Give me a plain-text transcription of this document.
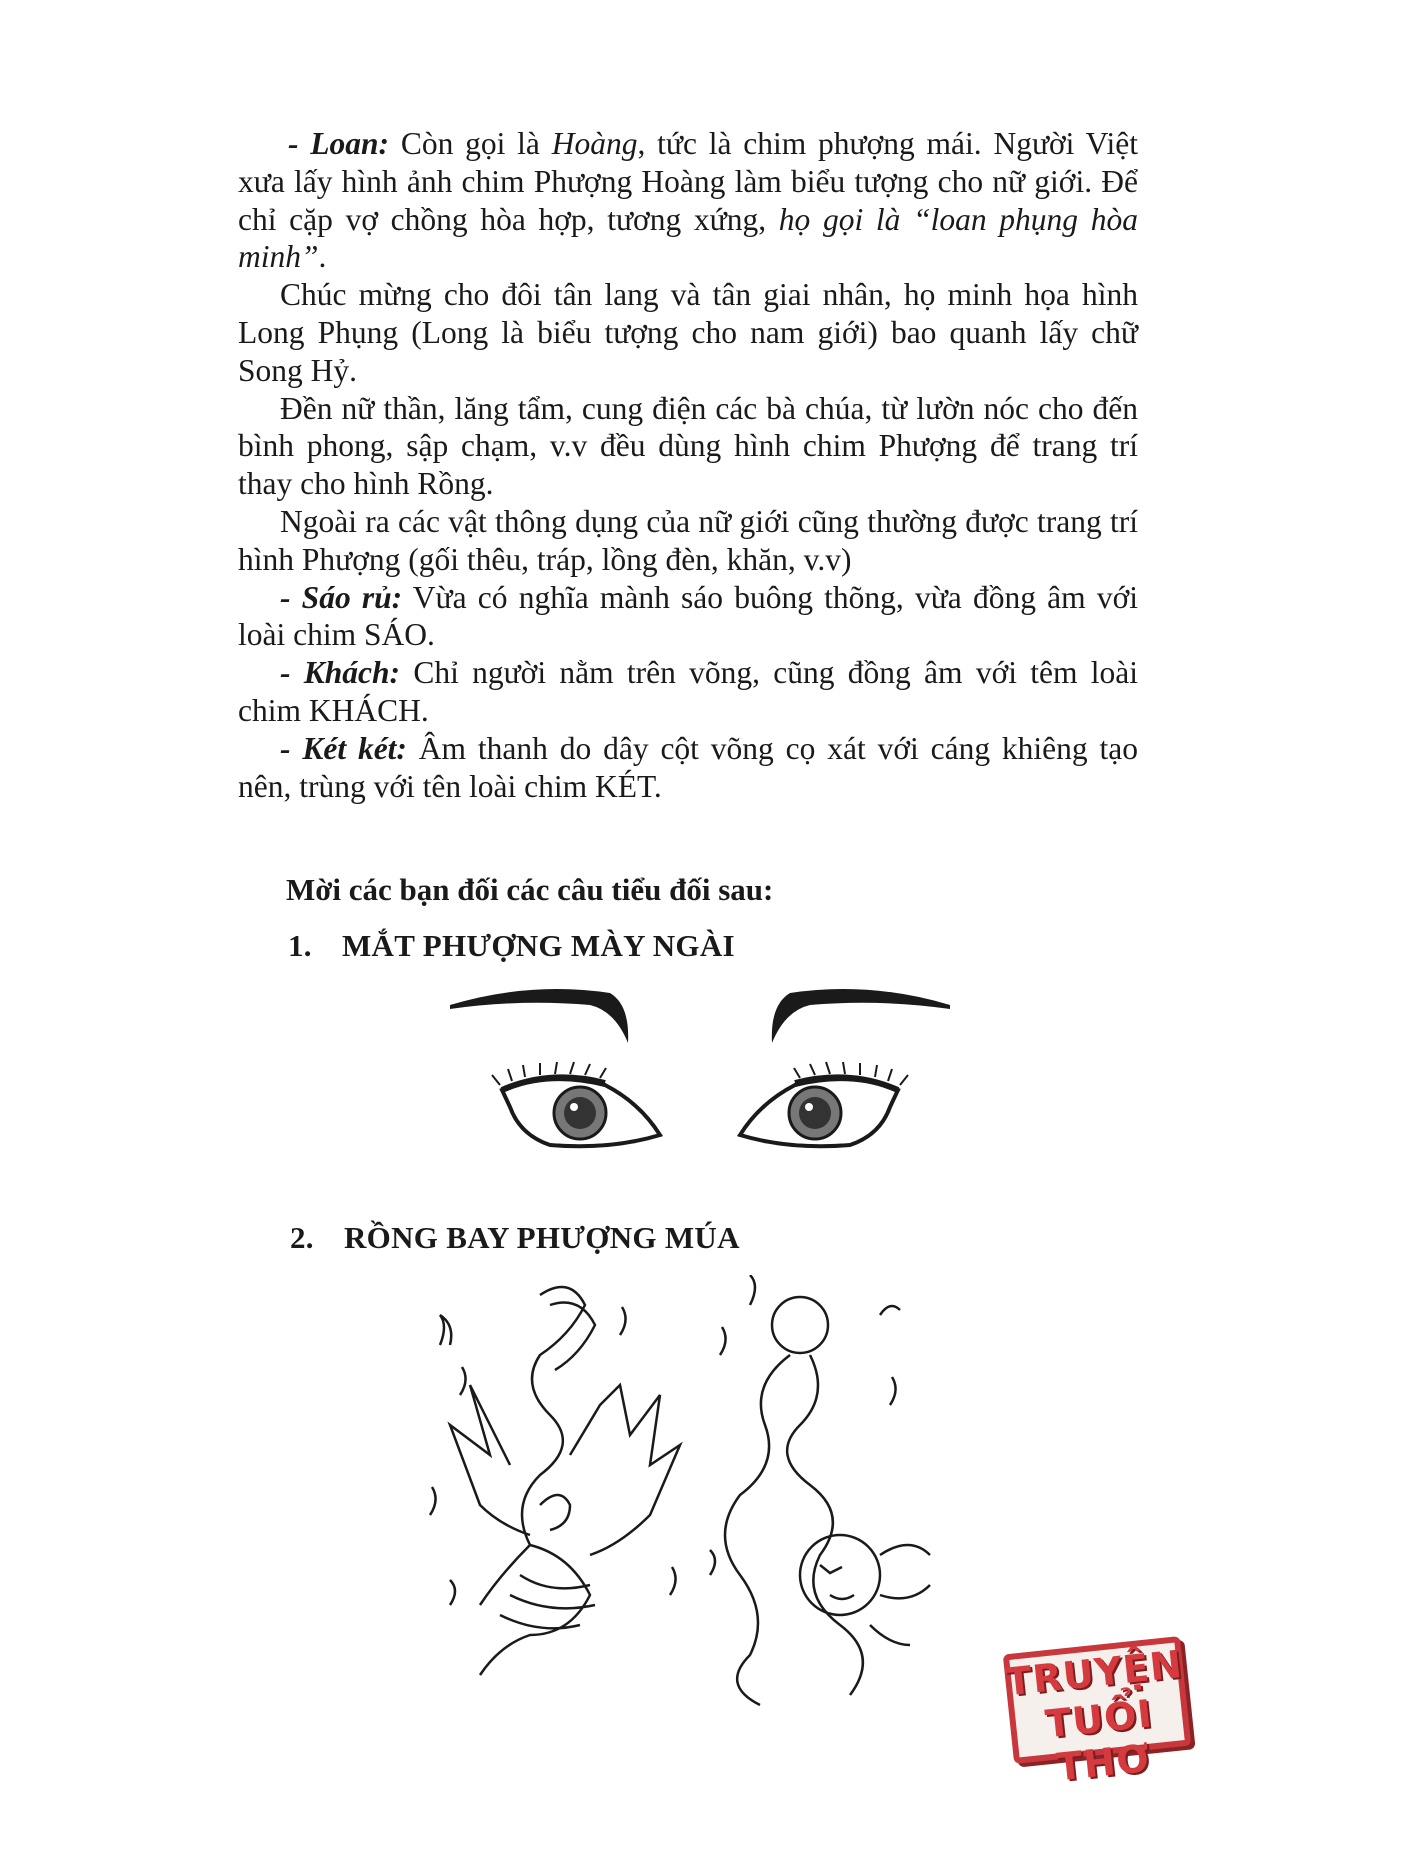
- Loan: Còn gọi là Hoàng, tức là chim phượng mái. Người Việt xưa lấy hình ảnh chim Phượng Hoàng làm biểu tượng cho nữ giới. Để chỉ cặp vợ chồng hòa hợp, tương xứng, họ gọi là “loan phụng hòa minh”.

Chúc mừng cho đôi tân lang và tân giai nhân, họ minh họa hình Long Phụng (Long là biểu tượng cho nam giới) bao quanh lấy chữ Song Hỷ.

Đền nữ thần, lăng tẩm, cung điện các bà chúa, từ lườn nóc cho đến bình phong, sập chạm, v.v đều dùng hình chim Phượng để trang trí thay cho hình Rồng.

Ngoài ra các vật thông dụng của nữ giới cũng thường được trang trí hình Phượng (gối thêu, tráp, lồng đèn, khăn, v.v)

- Sáo rủ: Vừa có nghĩa mành sáo buông thõng, vừa đồng âm với loài chim SÁO.

- Khách: Chỉ người nằm trên võng, cũng đồng âm với têm loài chim KHÁCH.

- Két két: Âm thanh do dây cột võng cọ xát với cáng khiêng tạo nên, trùng với tên loài chim KÉT.

Mời các bạn đối các câu tiểu đối sau:
1. MẮT PHƯỢNG MÀY NGÀI
2. RỒNG BAY PHƯỢNG MÚA
TRUYỆN
TUỔI THƠ
